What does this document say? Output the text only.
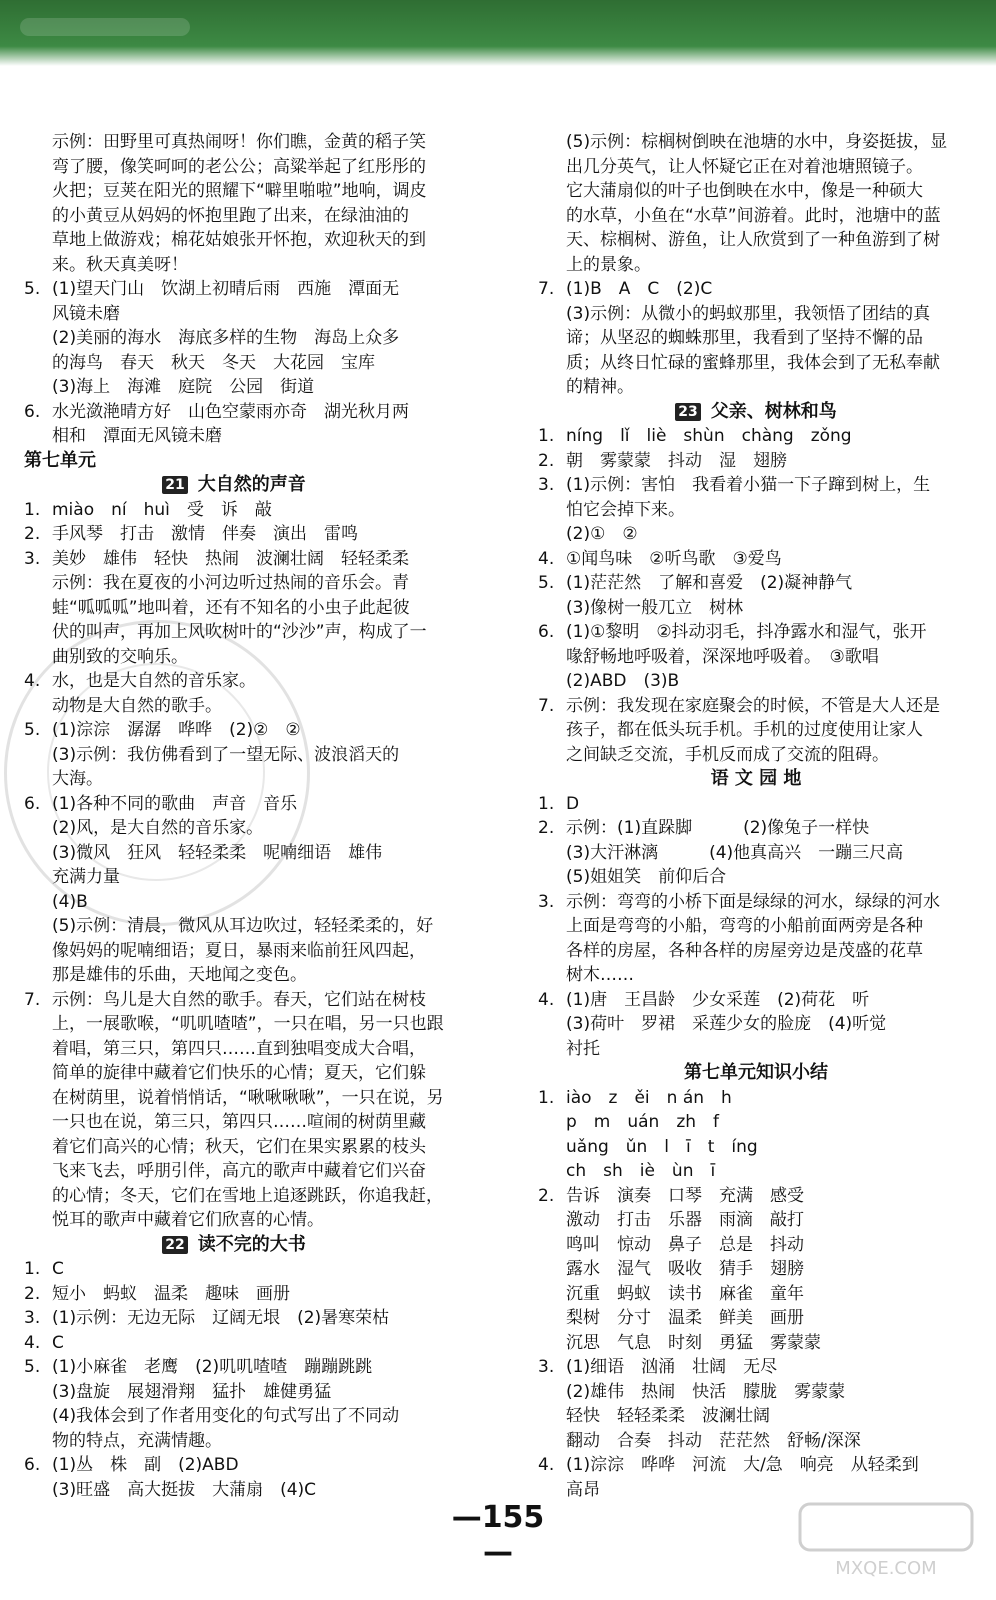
示例：田野里可真热闹呀！你们瞧，金黄的稻子笑
弯了腰，像笑呵呵的老公公；高粱举起了红彤彤的
火把；豆荚在阳光的照耀下“噼里啪啦”地响，调皮
的小黄豆从妈妈的怀抱里跑了出来，在绿油油的
草地上做游戏；棉花姑娘张开怀抱，欢迎秋天的到
来。秋天真美呀！
5. (1)望天门山　饮湖上初晴后雨　西施　潭面无
风镜未磨
(2)美丽的海水　海底多样的生物　海岛上众多
的海鸟　春天　秋天　冬天　大花园　宝库
(3)海上　海滩　庭院　公园　街道
6. 水光潋滟晴方好　山色空蒙雨亦奇　湖光秋月两
相和　潭面无风镜未磨
第七单元
21 大自然的声音
1. miào　ní　huì　受　诉　敲
2. 手风琴　打击　激情　伴奏　演出　雷鸣
3. 美妙　雄伟　轻快　热闹　波澜壮阔　轻轻柔柔
示例：我在夏夜的小河边听过热闹的音乐会。青
蛙“呱呱呱”地叫着，还有不知名的小虫子此起彼
伏的叫声，再加上风吹树叶的“沙沙”声，构成了一
曲别致的交响乐。
4. 水，也是大自然的音乐家。
动物是大自然的歌手。
5. (1)淙淙　潺潺　哗哗　(2)②　②
(3)示例：我仿佛看到了一望无际、波浪滔天的
大海。
6. (1)各种不同的歌曲　声音　音乐
(2)风，是大自然的音乐家。
(3)微风　狂风　轻轻柔柔　呢喃细语　雄伟
充满力量
(4)B
(5)示例：清晨，微风从耳边吹过，轻轻柔柔的，好
像妈妈的呢喃细语；夏日，暴雨来临前狂风四起，
那是雄伟的乐曲，天地闻之变色。
7. 示例：鸟儿是大自然的歌手。春天，它们站在树枝
上，一展歌喉，“叽叽喳喳”，一只在唱，另一只也跟
着唱，第三只，第四只……直到独唱变成大合唱，
简单的旋律中藏着它们快乐的心情；夏天，它们躲
在树荫里，说着悄悄话，“啾啾啾啾”，一只在说，另
一只也在说，第三只，第四只……喧闹的树荫里藏
着它们高兴的心情；秋天，它们在果实累累的枝头
飞来飞去，呼朋引伴，高亢的歌声中藏着它们兴奋
的心情；冬天，它们在雪地上追逐跳跃，你追我赶，
悦耳的歌声中藏着它们欣喜的心情。
22 读不完的大书
1. C
2. 短小　蚂蚁　温柔　趣味　画册
3. (1)示例：无边无际　辽阔无垠　(2)暑寒荣枯
4. C
5. (1)小麻雀　老鹰　(2)叽叽喳喳　蹦蹦跳跳
(3)盘旋　展翅滑翔　猛扑　雄健勇猛
(4)我体会到了作者用变化的句式写出了不同动
物的特点，充满情趣。
6. (1)丛　株　副　(2)ABD
(3)旺盛　高大挺拔　大蒲扇　(4)C
(5)示例：棕榈树倒映在池塘的水中，身姿挺拔，显
出几分英气，让人怀疑它正在对着池塘照镜子。
它大蒲扇似的叶子也倒映在水中，像是一种硕大
的水草，小鱼在“水草”间游着。此时，池塘中的蓝
天、棕榈树、游鱼，让人欣赏到了一种鱼游到了树
上的景象。
7. (1)B　A　C　(2)C
(3)示例：从微小的蚂蚁那里，我领悟了团结的真
谛；从坚忍的蜘蛛那里，我看到了坚持不懈的品
质；从终日忙碌的蜜蜂那里，我体会到了无私奉献
的精神。
23 父亲、树林和鸟
1. níng　lǐ　liè　shùn　chàng　zǒng
2. 朝　雾蒙蒙　抖动　湿　翅膀
3. (1)示例：害怕　我看着小猫一下子蹿到树上，生
怕它会掉下来。
(2)①　②
4. ①闻鸟味　②听鸟歌　③爱鸟
5. (1)茫茫然　了解和喜爱　(2)凝神静气
(3)像树一般兀立　树林
6. (1)①黎明　②抖动羽毛，抖净露水和湿气，张开
喙舒畅地呼吸着，深深地呼吸着。　③歌唱
(2)ABD　(3)B
7. 示例：我发现在家庭聚会的时候，不管是大人还是
孩子，都在低头玩手机。手机的过度使用让家人
之间缺乏交流，手机反而成了交流的阻碍。
语 文 园 地
1. D
2. 示例：(1)直跺脚　　　(2)像兔子一样快
(3)大汗淋漓　　　(4)他真高兴　一蹦三尺高
(5)姐姐笑　前仰后合
3. 示例：弯弯的小桥下面是绿绿的河水，绿绿的河水
上面是弯弯的小船，弯弯的小船前面两旁是各种
各样的房屋，各种各样的房屋旁边是茂盛的花草
树木……
4. (1)唐　王昌龄　少女采莲　(2)荷花　听
(3)荷叶　罗裙　采莲少女的脸庞　(4)听觉
衬托
第七单元知识小结
1. iào　z　ěi　n án　h
p　m　uán　zh　f
uǎng　ǔn　l　ī　t　íng
ch　sh　iè　ùn　ī
2. 告诉　演奏　口琴　充满　感受
激动　打击　乐器　雨滴　敲打
鸣叫　惊动　鼻子　总是　抖动
露水　湿气　吸收　猜手　翅膀
沉重　蚂蚁　读书　麻雀　童年
梨树　分寸　温柔　鲜美　画册
沉思　气息　时刻　勇猛　雾蒙蒙
3. (1)细语　汹涌　壮阔　无尽
(2)雄伟　热闹　快活　朦胧　雾蒙蒙
轻快　轻轻柔柔　波澜壮阔
翻动　合奏　抖动　茫茫然　舒畅/深深
4. (1)淙淙　哗哗　河流　大/急　响亮　从轻柔到
高昂
—155 —	MXQE.COM
